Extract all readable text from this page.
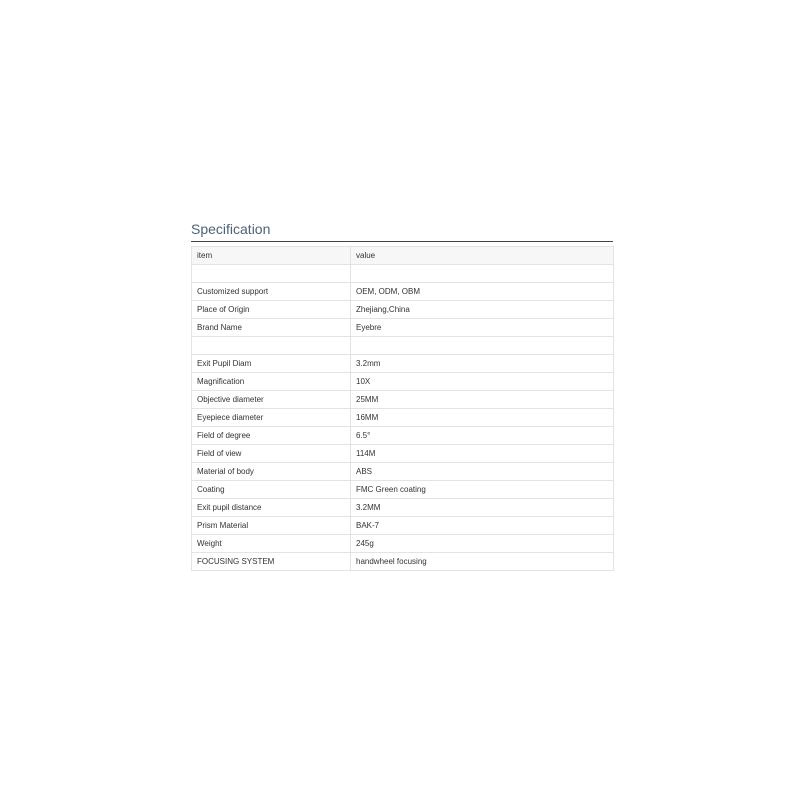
Specification
item	value

Customized support	OEM, ODM, OBM
Place of Origin	Zhejiang,China
Brand Name	Eyebre

Exit Pupil Diam	3.2mm
Magnification	10X
Objective diameter	25MM
Eyepiece diameter	16MM
Field of degree	6.5°
Field of view	114M
Material of body	ABS
Coating	FMC Green coating
Exit pupil distance	3.2MM
Prism Material	BAK-7
Weight	245g
FOCUSING SYSTEM	handwheel focusing
